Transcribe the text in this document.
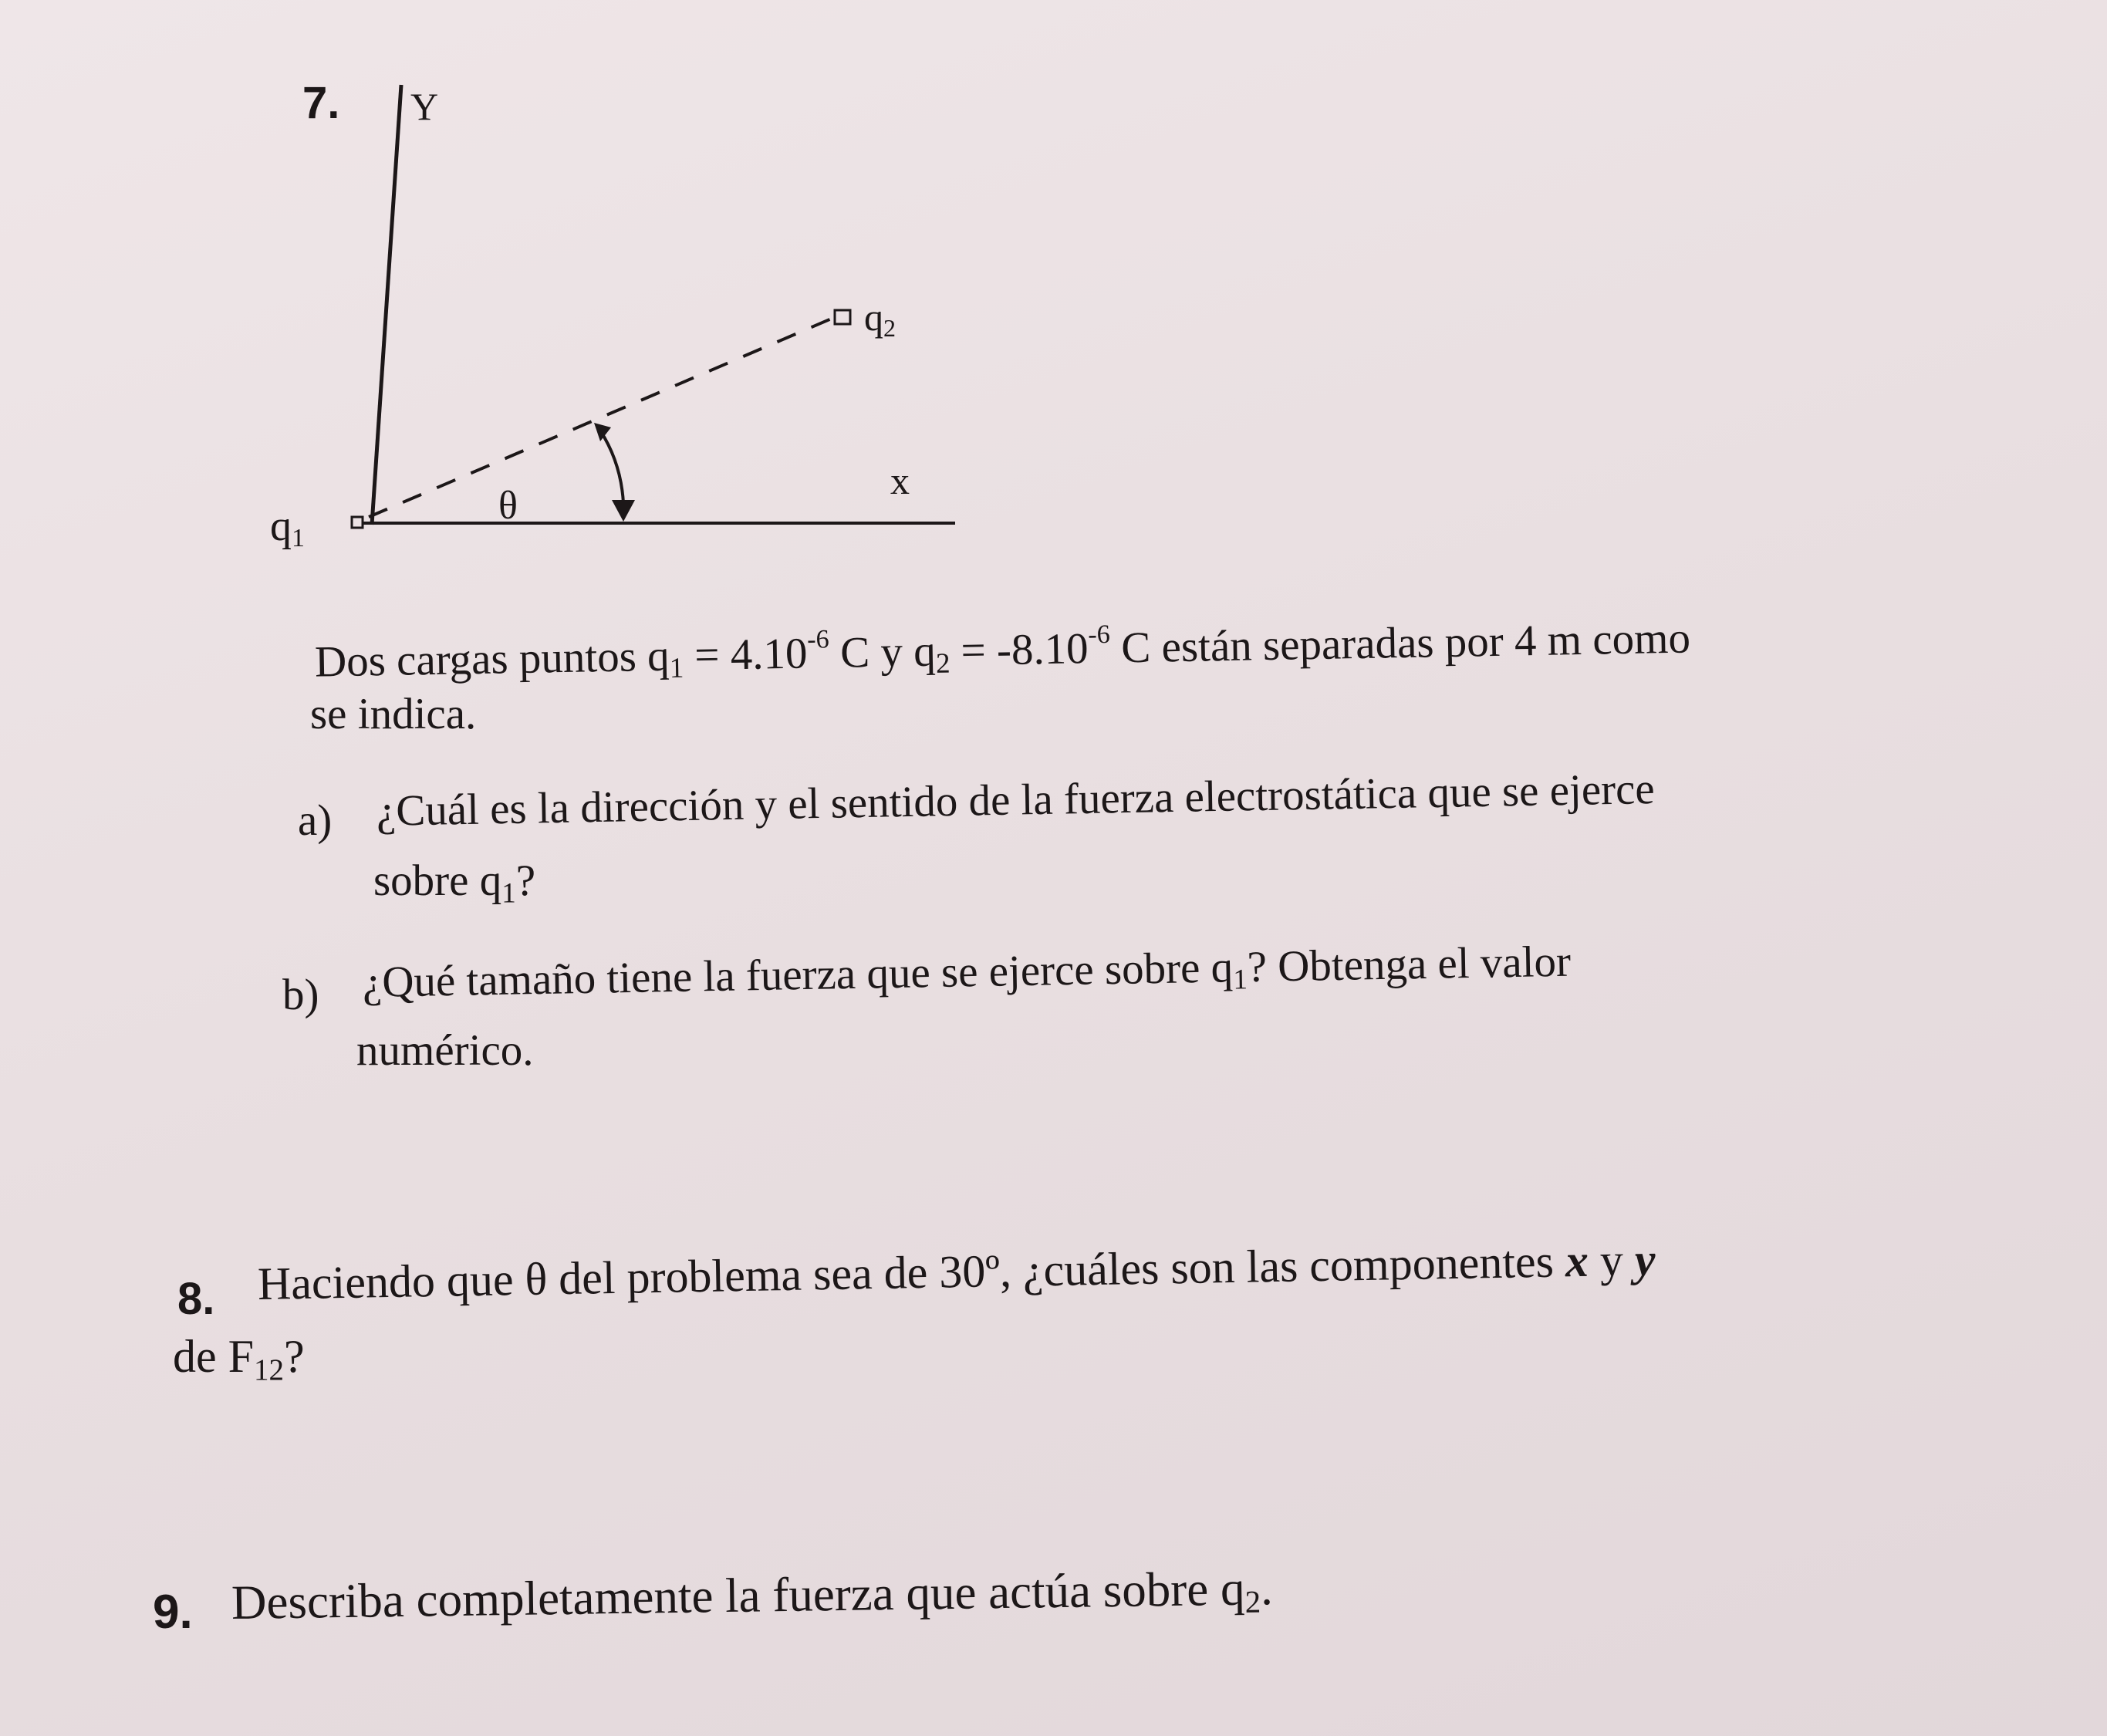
7. Y
x
θ
q1
q2
Dos cargas puntos $q_1 = 4.10^{-6}$ C y $q_2 = -8.10^{-6}$ C están separadas por 4 m como
se indica.
a) ¿Cuál es la dirección y el sentido de la fuerza electrostática que se ejerce
sobre $q_1$?
b) ¿Qué tamaño tiene la fuerza que se ejerce sobre $q_1$? Obtenga el valor
numérico.
8. Haciendo que θ del problema sea de 30º, ¿cuáles son las componentes x y y
de $F_{12}$?
9. Describa completamente la fuerza que actúa sobre $q_2$.
